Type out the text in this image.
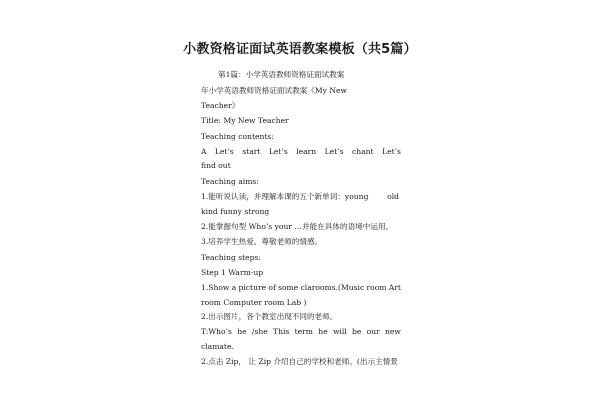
小教资格证面试英语教案模板（共5篇）
第1篇：小学英语教师资格证面试教案
年小学英语教师资格证面试教案《My New
Teacher》
Title: My New Teacher
Teaching contents:
A Let’s start Let’s learn Let’s chant Let’s
find out
Teaching aims:
1.能听说认读，并理解本课的五个新单词：young old
kind funny strong
2.能掌握句型 Who’s your …并能在具体的语境中运用。
3.培养学生热爱、尊敬老师的情感。
Teaching steps:
Step 1 Warm-up
1.Show a picture of some clarooms.(Music room Art
room Computer room Lab )
2.出示图片，各个教室出现不同的老师。
T:Who’s he /she This term he will be our new
clamate.
2.点击 Zip， 让 Zip 介绍自己的学校和老师。(出示主情景
